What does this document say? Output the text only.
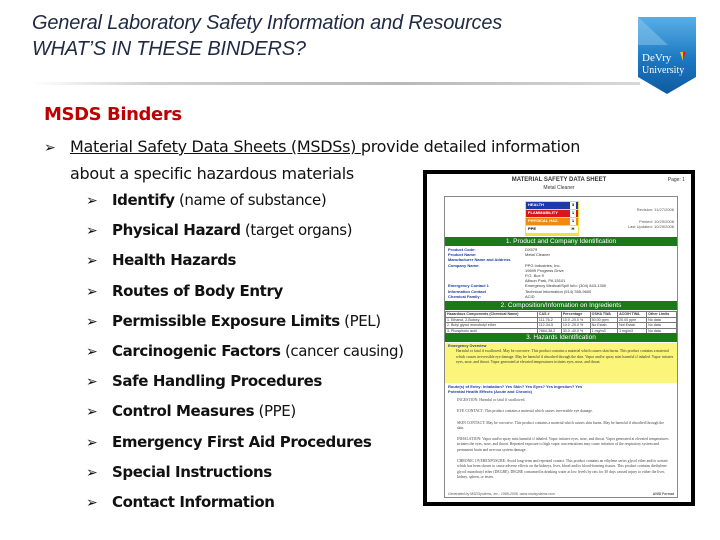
General Laboratory Safety Information and Resources
WHAT’S IN THESE BINDERS?	DeVry
University
MSDS Binders
➢ Material Safety Data Sheets (MSDSs) provide detailed information
about a specific hazardous materials
➢ Identify (name of substance)
➢ Physical Hazard (target organs)
➢ Health Hazards
➢ Routes of Body Entry
➢ Permissible Exposure Limits (PEL)
➢ Carcinogenic Factors (cancer causing)
➢ Safe Handling Procedures
➢ Control Measures (PPE)
➢ Emergency First Aid Procedures
➢ Special Instructions
➢ Contact Information
MATERIAL SAFETY DATA SHEET
Metal Cleaner
Page: 1
HEALTH	3
FLAMMABILITY	1
PHYSICAL HAZ.	1
PPE	H
Revision: 11/27/2006
Printed: 10/29/2008
Last Updated: 10/29/2006
1. Product and Company Identification
Product Code:	DX579
Product Name:	Metal Cleaner
Manufacturer Name and Address
Company Name:	PPG Industries, Inc.
19699 Progress Drive
P.O. Box 9
Allison Park, PA 15101
Emergency Contact 1	Emergency Medical/Spill Info: (304) 843-1300
Information Contact	Technical Information (514) 355-9600
Chemical Family:	ACID
2. Composition/Information on Ingredients
Hazardous Components (Chemical Name)	CAS #	Percentage	OSHA TWA	ACGIH TWA	Other Limits
1. Ethanol, 2-Butoxy-	111-76-2	10.0 -20.0 %	50.00 ppm	20.00 ppm	No data
2. Butyl glycol monobutyl ether	112-34-5	10.0 -20.0 %	No Estab.	Not Estab.	No data
3. Phosphoric acid	7664-38-2	30.0 -40.0 %	1 mg/m3	1 mg/m3	No data
3. Hazards Identification
Emergency Overview
Harmful or fatal if swallowed. May be corrosive. This product contains a material which causes skin burns. This product contains a material which causes irreversible eye damage. May be harmful if absorbed through the skin. Vapor and/or spray mist harmful if inhaled. Vapor irritates eyes, nose, and throat. Vapor generated at elevated temperatures irritates eyes, nose, and throat.
Route(s) of Entry: Inhalation? Yes Skin? Yes Eyes? Yes Ingestion? Yes
Potential Health Effects (Acute and Chronic)
INGESTION: Harmful or fatal if swallowed.
EYE CONTACT: This product contains a material which causes irreversible eye damage.
SKIN CONTACT: May be corrosive. This product contains a material which causes skin burns. May be harmful if absorbed through the skin.
INHALATION: Vapor and/or spray mist harmful if inhaled. Vapor irritates eyes, nose, and throat. Vapor generated at elevated temperatures irritates the eyes, nose, and throat. Repeated exposure to high vapor concentrations may cause irritation of the respiratory system and permanent brain and nervous system damage.
CHRONIC OVEREXPOSURE: Avoid long-term and repeated contact. This product contains an ethylene series glycol ether and/or acetate which has been shown to cause adverse effects on the kidneys, liver, blood and/or blood-forming tissues. This product contains diethylene glycol monobutyl ether (DEGBE). DEGBE consumed in drinking water at low levels by rats for 30 days caused injury to either the liver, kidney, spleen, or testes.
ANSI Format
Generated by MSDSystems, Inc., 1999-2008, www.msdsystems.com
